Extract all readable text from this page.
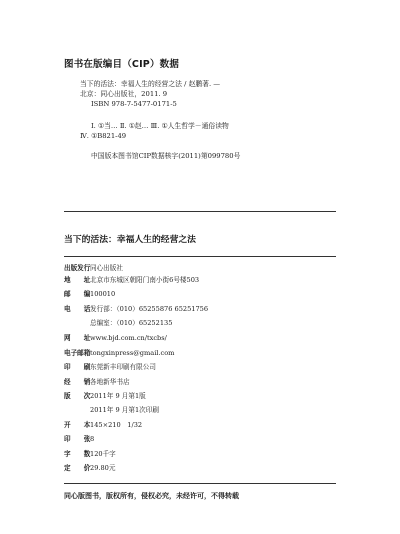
图书在版编目（CIP）数据
当下的活法：幸福人生的经营之法 / 赵鹏著. —
北京：同心出版社，2011. 9
ISBN 978-7-5477-0171-5
Ⅰ. ①当… Ⅱ. ①赵… Ⅲ. ①人生哲学－通俗读物
Ⅳ. ①B821-49
中国版本图书馆CIP数据核字(2011)第099780号
当下的活法：幸福人生的经营之法
出版发行 同心出版社
地　　址 北京市东城区朝阳门南小街6号楼503
邮　　编 100010
电　　话 发行部：（010）65255876 65251756
总编室：（010）65252135
网　　址 www.bjd.com.cn/txcbs/
电子邮箱 tongxinpress@gmail.com
印　　刷 东莞新丰印刷有限公司
经　　销 各地新华书店
版　　次 2011年 9 月第1版
2011年 9 月第1次印刷
开　　本 145×210　1/32
印　　张 8
字　　数 120千字
定　　价 29.80元
同心版图书，版权所有，侵权必究，未经许可，不得转载
